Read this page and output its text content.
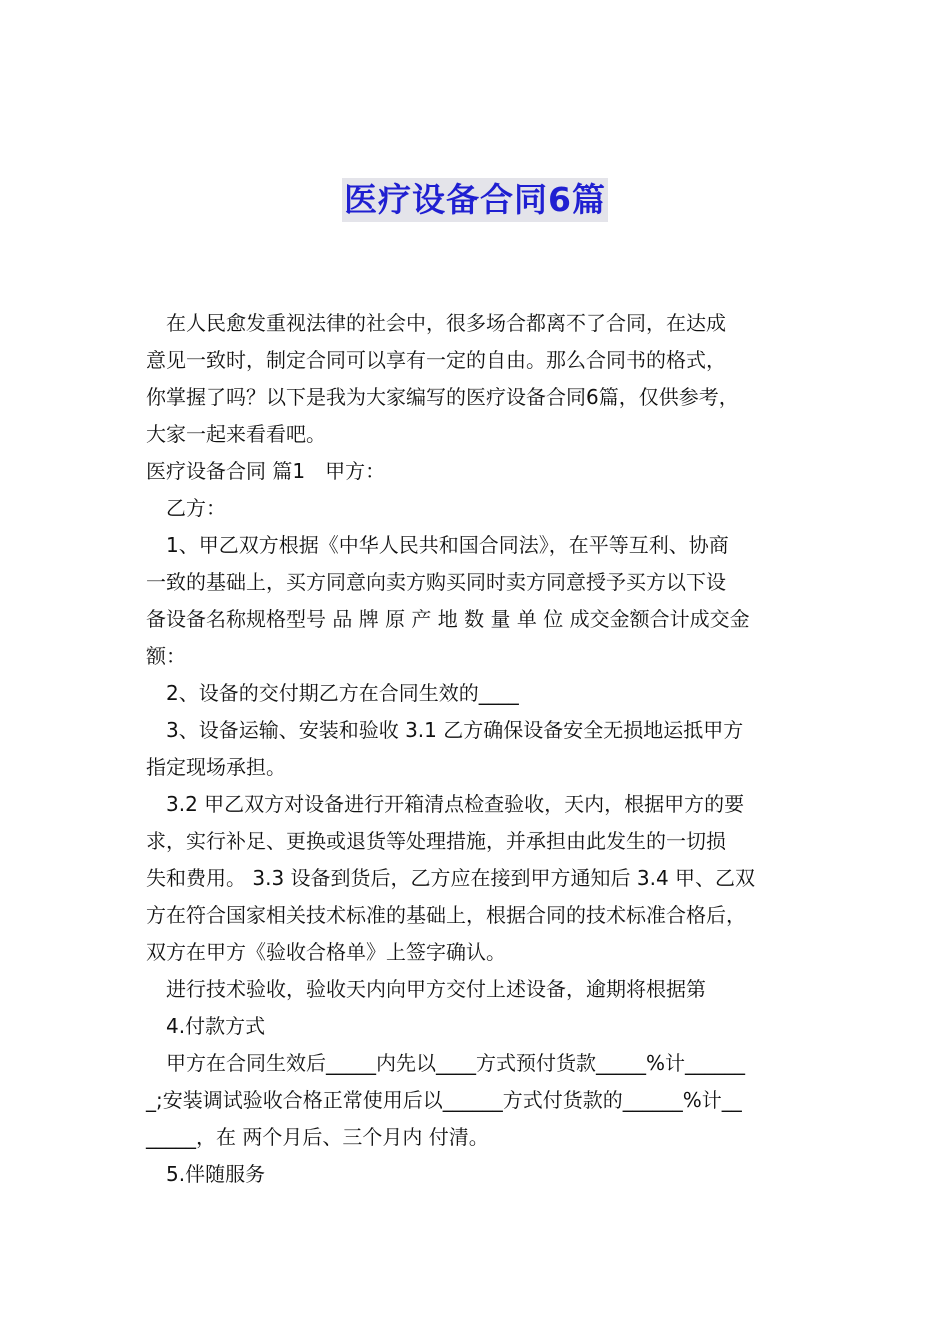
医疗设备合同6篇

在人民愈发重视法律的社会中，很多场合都离不了合同，在达成

意见一致时，制定合同可以享有一定的自由。那么合同书的格式，

你掌握了吗？以下是我为大家编写的医疗设备合同6篇，仅供参考，

大家一起来看看吧。

医疗设备合同 篇1　甲方：

乙方：

1、甲乙双方根据《中华人民共和国合同法》，在平等互利、协商

一致的基础上，买方同意向卖方购买同时卖方同意授予买方以下设

备设备名称规格型号 品 牌 原 产 地 数 量 单 位 成交金额合计成交金

额：

2、设备的交付期乙方在合同生效的____

3、设备运输、安装和验收 3.1 乙方确保设备安全无损地运抵甲方

指定现场承担。

3.2 甲乙双方对设备进行开箱清点检查验收，天内，根据甲方的要

求，实行补足、更换或退货等处理措施，并承担由此发生的一切损

失和费用。 3.3 设备到货后，乙方应在接到甲方通知后 3.4 甲、乙双

方在符合国家相关技术标准的基础上，根据合同的技术标准合格后，

双方在甲方《验收合格单》上签字确认。

进行技术验收，验收天内向甲方交付上述设备，逾期将根据第

4.付款方式

甲方在合同生效后_____内先以____方式预付货款_____%计______

_;安装调试验收合格正常使用后以______方式付货款的______%计__

_____，在 两个月后、三个月内 付清。

5.伴随服务
